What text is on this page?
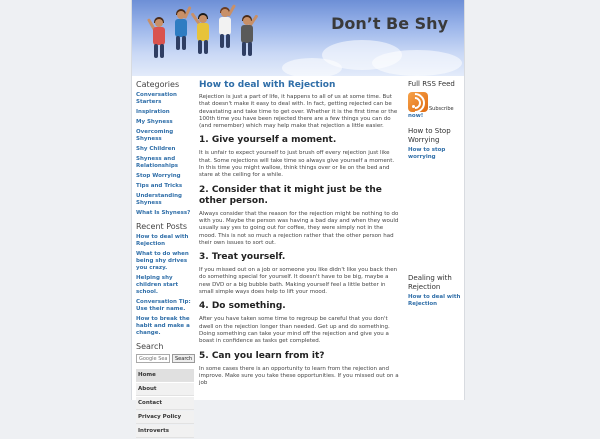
Don’t Be Shy
Categories
Conversation Starters
Inspiration
My Shyness
Overcoming Shyness
Shy Children
Shyness and Relationships
Stop Worrying
Tips and Tricks
Understanding Shyness
What Is Shyness?
Recent Posts
How to deal with Rejection
What to do when being shy drives you crazy.
Helping shy children start school.
Conversation Tip: Use their name.
How to break the habit and make a change.
Search
Google Searc
Search
Home
About
Contact
Privacy Policy
Introverts
How to deal with Rejection
Rejection is just a part of life, it happens to all of us at some time. But that doesn't make it easy to deal with. In fact, getting rejected can be devastating and take time to get over. Whether it is the first time or the 100th time you have been rejected there are a few things you can do (and remember) which may help make that rejection a little easier.
1. Give yourself a moment.
It is unfair to expect yourself to just brush off every rejection just like that. Some rejections will take time so always give yourself a moment. In this time you might wallow, think things over or lie on the bed and stare at the ceiling for a while.
2. Consider that it might just be the other person.
Always consider that the reason for the rejection might be nothing to do with you. Maybe the person was having a bad day and when they would usually say yes to going out for coffee, they were simply not in the mood. This is not so much a rejection rather that the other person had their own issues to sort out.
3. Treat yourself.
If you missed out on a job or someone you like didn't like you back then do something special for yourself. It doesn't have to be big, maybe a new DVD or a big bubble bath. Making yourself feel a little better in small simple ways does help to lift your mood.
4. Do something.
After you have taken some time to regroup be careful that you don't dwell on the rejection longer than needed. Get up and do something. Doing something can take your mind off the rejection and give you a boast in confidence as tasks get completed.
5. Can you learn from it?
In some cases there is an opportunity to learn from the rejection and improve. Make sure you take these opportunities. If you missed out on a job
Full RSS Feed
Subscribe
now!
How to Stop Worrying
How to stop worrying
Dealing with Rejection
How to deal with Rejection
